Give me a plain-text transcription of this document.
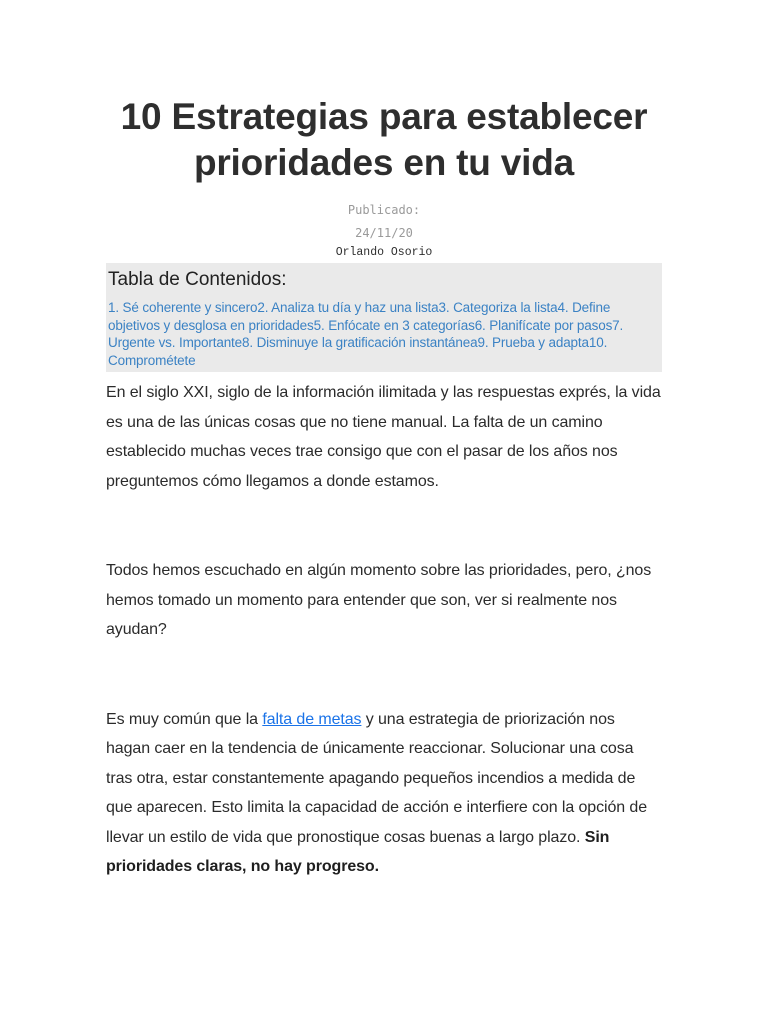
10 Estrategias para establecer prioridades en tu vida
Publicado:
24/11/20
Orlando Osorio
Tabla de Contenidos:
1. Sé coherente y sincero2. Analiza tu día y haz una lista3. Categoriza la lista4. Define objetivos y desglosa en prioridades5. Enfócate en 3 categorías6. Planifícate por pasos7. Urgente vs. Importante8. Disminuye la gratificación instantánea9. Prueba y adapta10. Comprométete

En el siglo XXI, siglo de la información ilimitada y las respuestas exprés, la vida es una de las únicas cosas que no tiene manual. La falta de un camino establecido muchas veces trae consigo que con el pasar de los años nos preguntemos cómo llegamos a donde estamos.

Todos hemos escuchado en algún momento sobre las prioridades, pero, ¿nos hemos tomado un momento para entender que son, ver si realmente nos ayudan?

Es muy común que la falta de metas y una estrategia de priorización nos hagan caer en la tendencia de únicamente reaccionar. Solucionar una cosa tras otra, estar constantemente apagando pequeños incendios a medida de que aparecen. Esto limita la capacidad de acción e interfiere con la opción de llevar un estilo de vida que pronostique cosas buenas a largo plazo. Sin prioridades claras, no hay progreso.
